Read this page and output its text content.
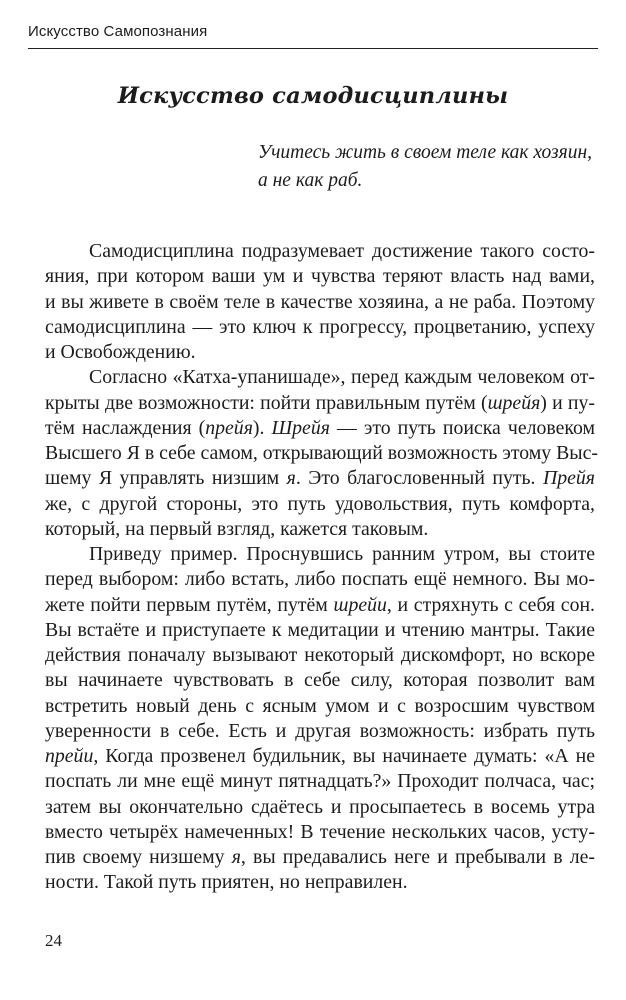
Искусство Самопознания
Искусство самодисциплины
Учитесь жить в своем теле как хозяин,
а не как раб.
Самодисциплина подразумевает достижение такого состо-
яния, при котором ваши ум и чувства теряют власть над вами,
и вы живете в своём теле в качестве хозяина, а не раба. Поэтому
самодисциплина — это ключ к прогрессу, процветанию, успеху
и Освобождению.
Согласно «Катха-упанишаде», перед каждым человеком от-
крыты две возможности: пойти правильным путём (шрейя) и пу-
тём наслаждения (прейя). Шрейя — это путь поиска человеком
Высшего Я в себе самом, открывающий возможность этому Выс-
шему Я управлять низшим я. Это благословенный путь. Прейя
же, с другой стороны, это путь удовольствия, путь комфорта,
который, на первый взгляд, кажется таковым.
Приведу пример. Проснувшись ранним утром, вы стоите
перед выбором: либо встать, либо поспать ещё немного. Вы мо-
жете пойти первым путём, путём шрейи, и стряхнуть с себя сон.
Вы встаёте и приступаете к медитации и чтению мантры. Такие
действия поначалу вызывают некоторый дискомфорт, но вскоре
вы начинаете чувствовать в себе силу, которая позволит вам
встретить новый день с ясным умом и с возросшим чувством
уверенности в себе. Есть и другая возможность: избрать путь
прейи, Когда прозвенел будильник, вы начинаете думать: «А не
поспать ли мне ещё минут пятнадцать?» Проходит полчаса, час;
затем вы окончательно сдаётесь и просыпаетесь в восемь утра
вместо четырёх намеченных! В течение нескольких часов, усту-
пив своему низшему я, вы предавались неге и пребывали в ле-
ности. Такой путь приятен, но неправилен.
24
